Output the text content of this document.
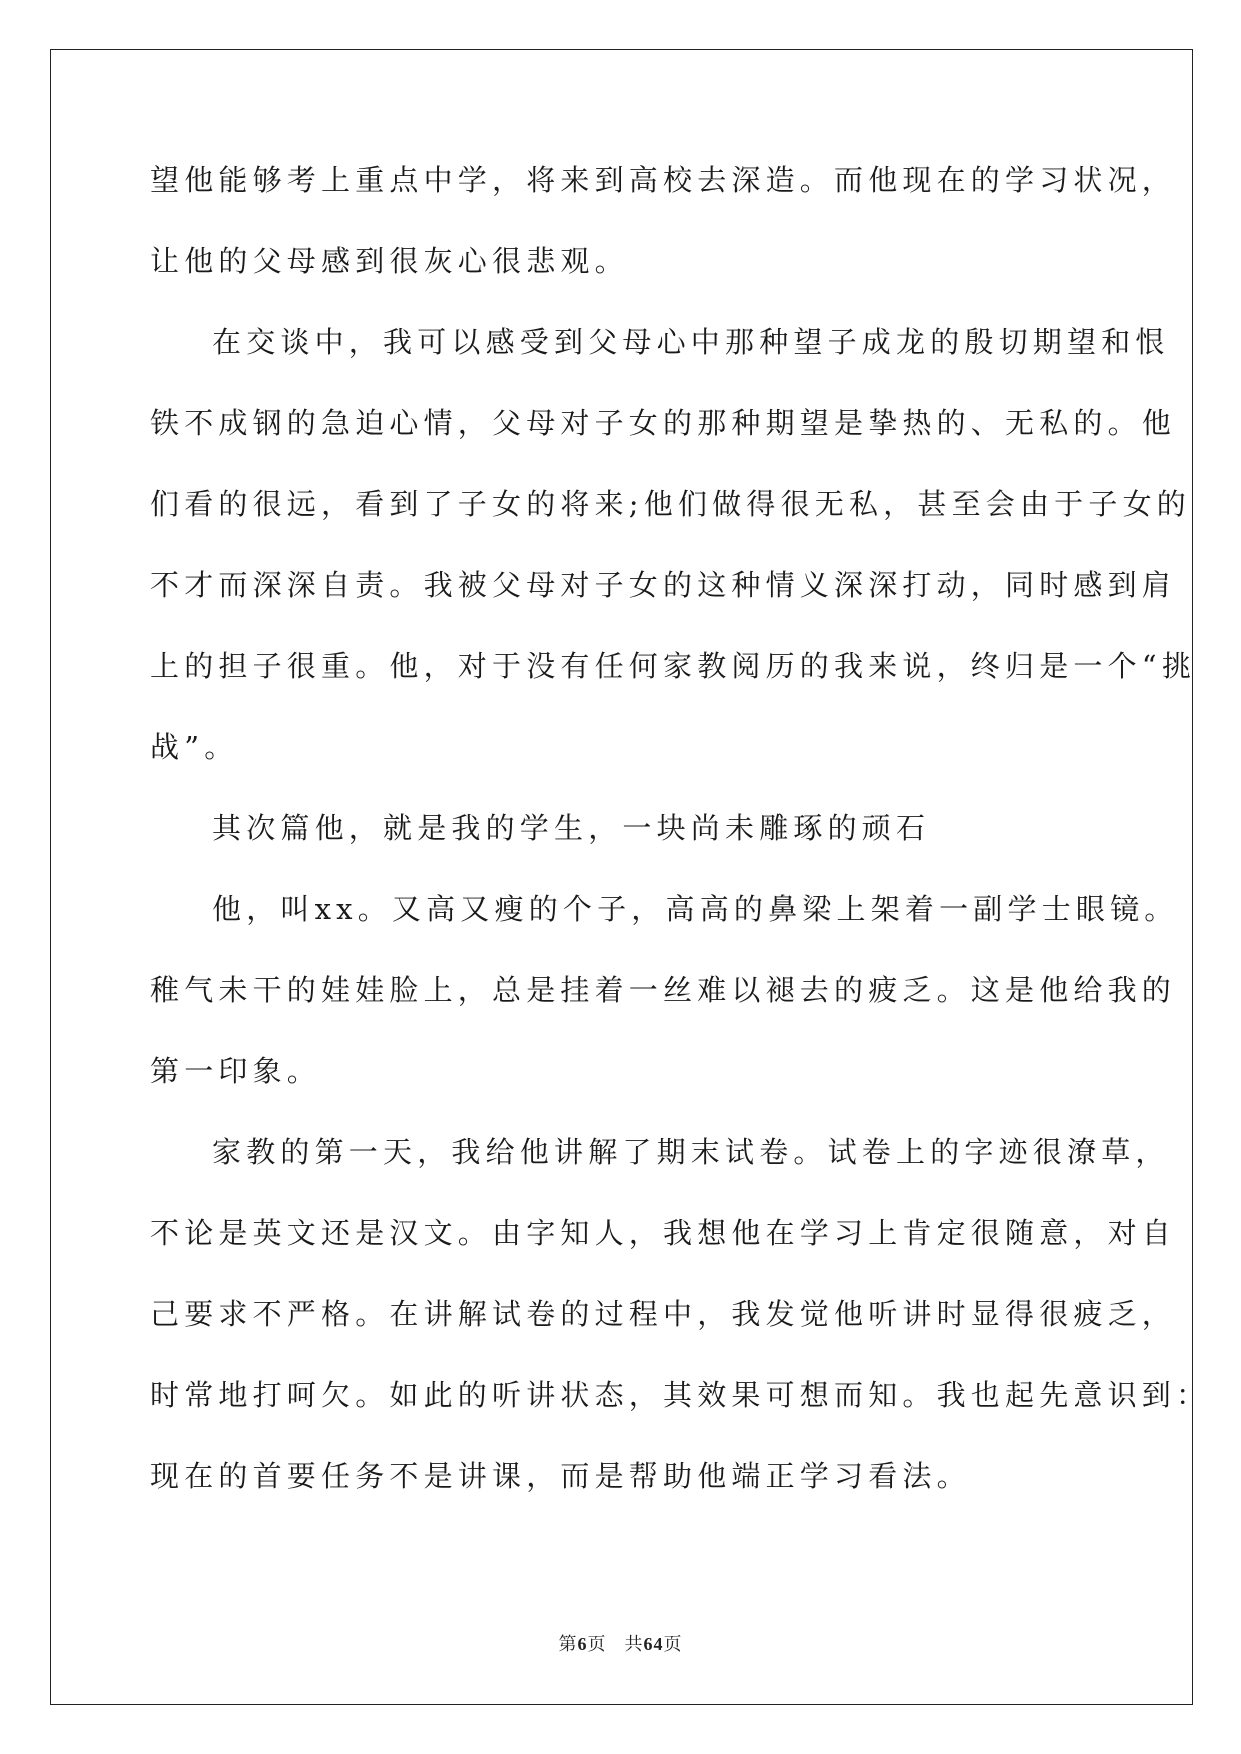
望他能够考上重点中学，将来到高校去深造。而他现在的学习状况，
让他的父母感到很灰心很悲观。
在交谈中，我可以感受到父母心中那种望子成龙的殷切期望和恨
铁不成钢的急迫心情，父母对子女的那种期望是挚热的、无私的。他
们看的很远，看到了子女的将来;他们做得很无私，甚至会由于子女的
不才而深深自责。我被父母对子女的这种情义深深打动，同时感到肩
上的担子很重。他，对于没有任何家教阅历的我来说，终归是一个“挑
战”。
其次篇他，就是我的学生，一块尚未雕琢的顽石
他，叫xx。又高又瘦的个子，高高的鼻梁上架着一副学士眼镜。
稚气未干的娃娃脸上，总是挂着一丝难以褪去的疲乏。这是他给我的
第一印象。
家教的第一天，我给他讲解了期末试卷。试卷上的字迹很潦草，
不论是英文还是汉文。由字知人，我想他在学习上肯定很随意，对自
己要求不严格。在讲解试卷的过程中，我发觉他听讲时显得很疲乏，
时常地打呵欠。如此的听讲状态，其效果可想而知。我也起先意识到：
现在的首要任务不是讲课，而是帮助他端正学习看法。
第6页 共64页
